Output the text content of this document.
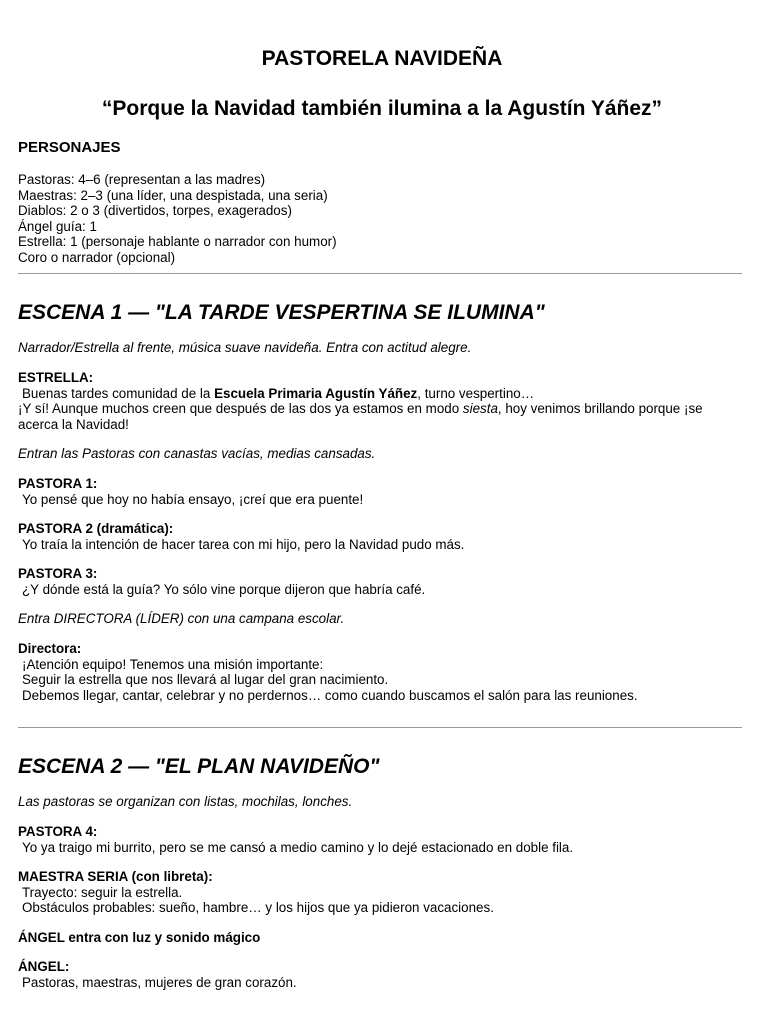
PASTORELA NAVIDEÑA
“Porque la Navidad también ilumina a la Agustín Yáñez”
PERSONAJES
Pastoras: 4–6 (representan a las madres)
Maestras: 2–3 (una líder, una despistada, una seria)
Diablos: 2 o 3 (divertidos, torpes, exagerados)
Ángel guía: 1
Estrella: 1 (personaje hablante o narrador con humor)
Coro o narrador (opcional)
ESCENA 1 — "LA TARDE VESPERTINA SE ILUMINA"
Narrador/Estrella al frente, música suave navideña. Entra con actitud alegre.
ESTRELLA:
Buenas tardes comunidad de la Escuela Primaria Agustín Yáñez, turno vespertino…
¡Y sí! Aunque muchos creen que después de las dos ya estamos en modo siesta, hoy venimos brillando porque ¡se acerca la Navidad!
Entran las Pastoras con canastas vacías, medias cansadas.
PASTORA 1:
Yo pensé que hoy no había ensayo, ¡creí que era puente!
PASTORA 2 (dramática):
Yo traía la intención de hacer tarea con mi hijo, pero la Navidad pudo más.
PASTORA 3:
¿Y dónde está la guía? Yo sólo vine porque dijeron que habría café.
Entra DIRECTORA (LÍDER) con una campana escolar.
Directora:
¡Atención equipo! Tenemos una misión importante:
Seguir la estrella que nos llevará al lugar del gran nacimiento.
Debemos llegar, cantar, celebrar y no perdernos… como cuando buscamos el salón para las reuniones.
ESCENA 2 — "EL PLAN NAVIDEÑO"
Las pastoras se organizan con listas, mochilas, lonches.
PASTORA 4:
Yo ya traigo mi burrito, pero se me cansó a medio camino y lo dejé estacionado en doble fila.
MAESTRA SERIA (con libreta):
Trayecto: seguir la estrella.
Obstáculos probables: sueño, hambre… y los hijos que ya pidieron vacaciones.
ÁNGEL entra con luz y sonido mágico
ÁNGEL:
Pastoras, maestras, mujeres de gran corazón.
